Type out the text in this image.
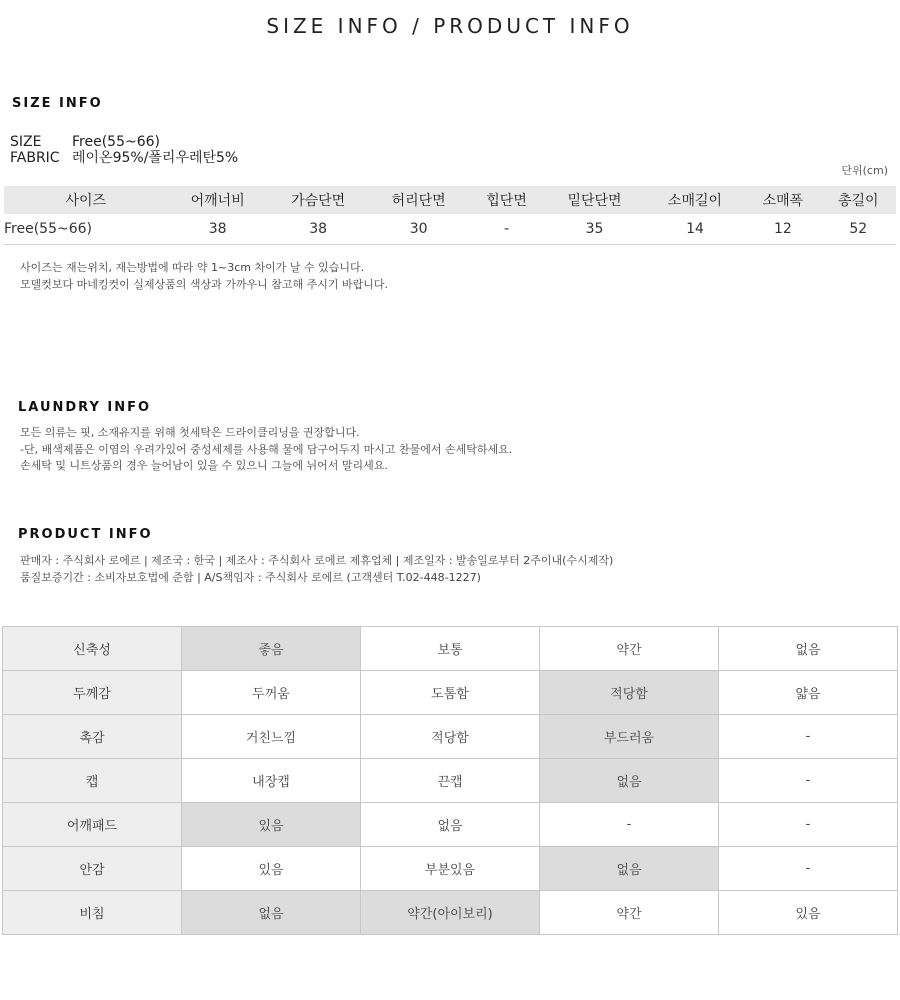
SIZE INFO / PRODUCT INFO
SIZE INFO
SIZE Free(55~66)
FABRIC 레이온95%/폴리우레탄5%
단위(cm)
사이즈	어깨너비	가슴단면	허리단면	힙단면	밑단단면	소매길이	소매폭	총길이
Free(55~66)	38	38	30	-	35	14	12	52
사이즈는 재는위치, 재는방법에 따라 약 1~3cm 차이가 날 수 있습니다.
모델컷보다 마네킹컷이 실제상품의 색상과 가까우니 참고해 주시기 바랍니다.
LAUNDRY INFO
모든 의류는 핏, 소재유지를 위해 첫세탁은 드라이클리닝을 권장합니다.
-단, 배색제품은 이염의 우려가있어 중성세제를 사용해 물에 담구어두지 마시고 찬물에서 손세탁하세요.
손세탁 및 니트상품의 경우 늘어남이 있을 수 있으니 그늘에 뉘어서 말리세요.
PRODUCT INFO
판매자 : 주식회사 로에르 | 제조국 : 한국 | 제조사 : 주식회사 로에르 제휴업체 | 제조일자 : 발송일로부터 2주이내(수시제작)
품질보증기간 : 소비자보호법에 준함 | A/S책임자 : 주식회사 로에르 (고객센터 T.02-448-1227)
신축성	좋음	보통	약간	없음
두께감	두꺼움	도톰함	적당함	얇음
촉감	거친느낌	적당함	부드러움	-
캡	내장캡	끈캡	없음	-
어깨패드	있음	없음	-	-
안감	있음	부분있음	없음	-
비침	없음	약간(아이보리)	약간	있음
